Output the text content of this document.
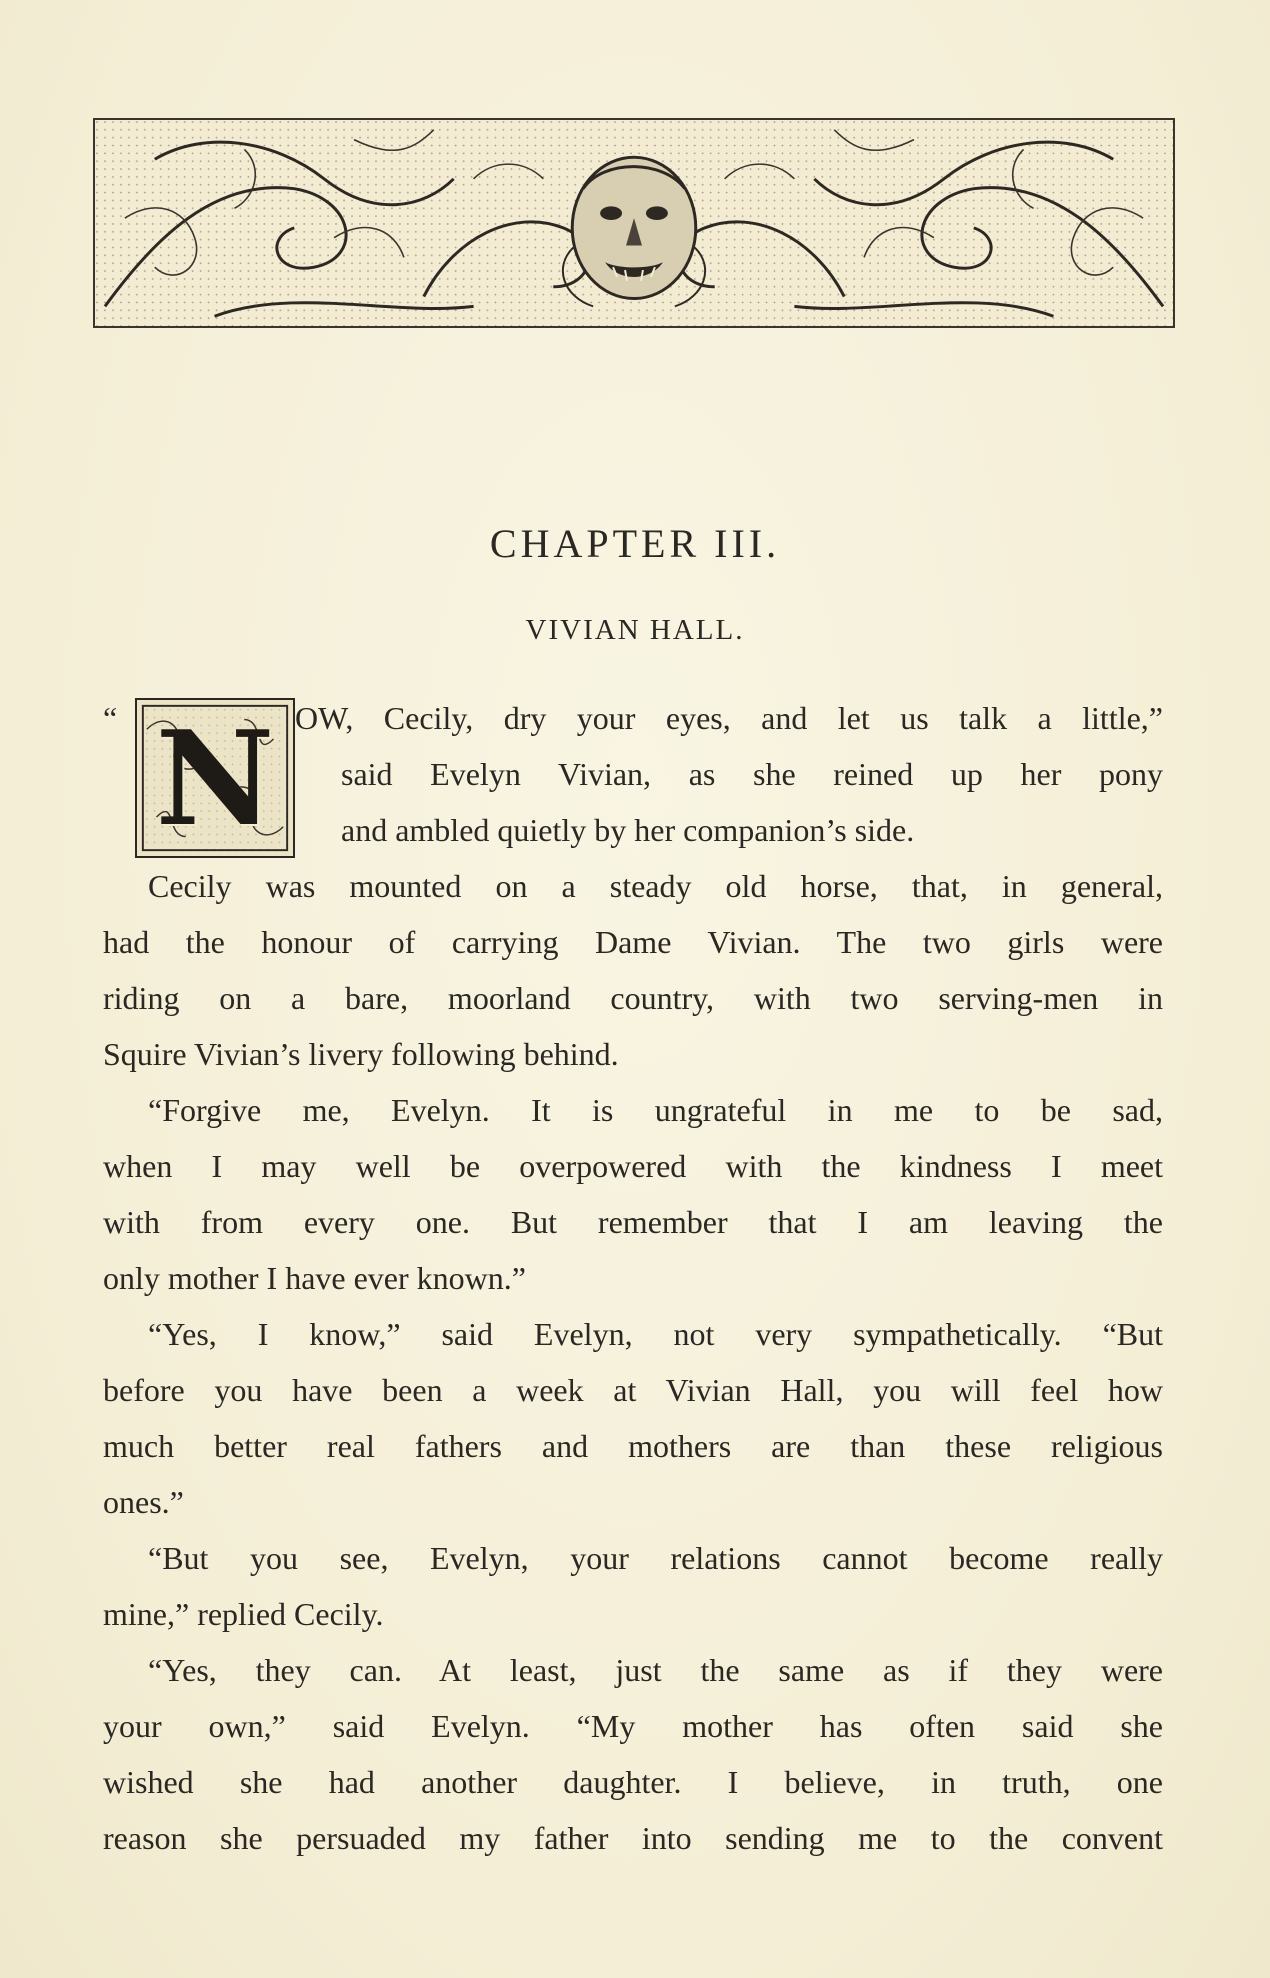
CHAPTER III.
VIVIAN HALL.
“ N OW, Cecily, dry your eyes, and let us talk a little,”
said Evelyn Vivian, as she reined up her pony
and ambled quietly by her companion’s side.
Cecily was mounted on a steady old horse, that, in general,
had the honour of carrying Dame Vivian. The two girls were
riding on a bare, moorland country, with two serving-men in
Squire Vivian’s livery following behind.
“Forgive me, Evelyn. It is ungrateful in me to be sad,
when I may well be overpowered with the kindness I meet
with from every one. But remember that I am leaving the
only mother I have ever known.”
“Yes, I know,” said Evelyn, not very sympathetically. “But
before you have been a week at Vivian Hall, you will feel how
much better real fathers and mothers are than these religious
ones.”
“But you see, Evelyn, your relations cannot become really
mine,” replied Cecily.
“Yes, they can. At least, just the same as if they were
your own,” said Evelyn. “My mother has often said she
wished she had another daughter. I believe, in truth, one
reason she persuaded my father into sending me to the convent
